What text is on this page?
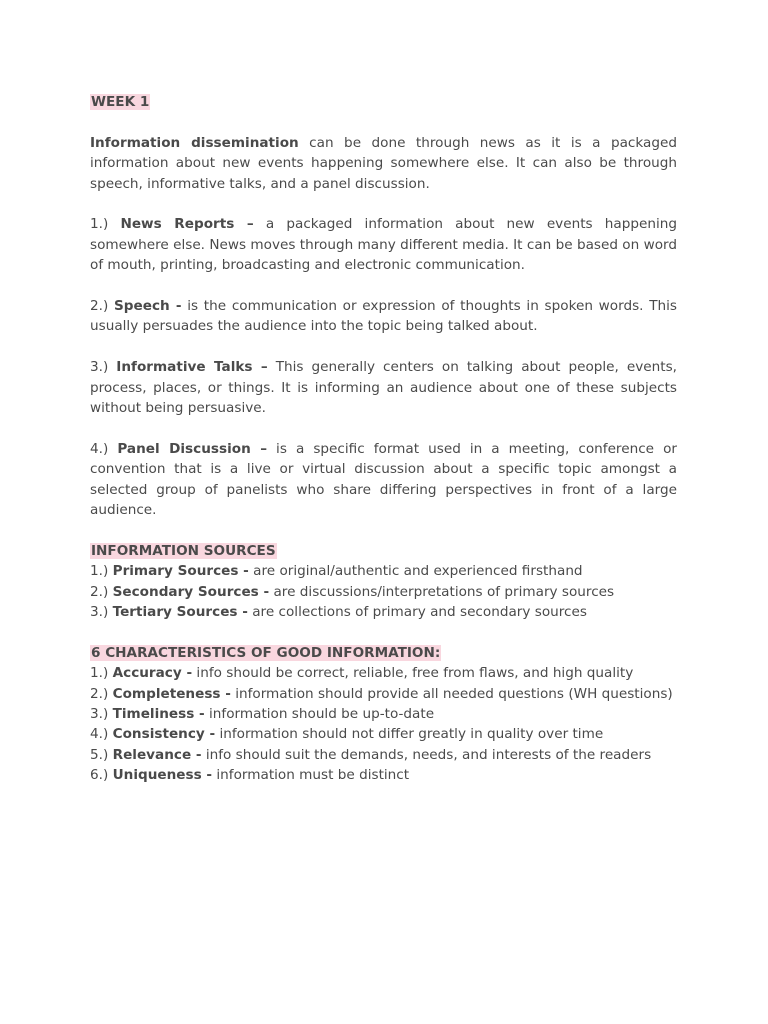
WEEK 1

Information dissemination can be done through news as it is a packaged information about new events happening somewhere else. It can also be through speech, informative talks, and a panel discussion.

1.) News Reports – a packaged information about new events happening somewhere else. News moves through many different media. It can be based on word of mouth, printing, broadcasting and electronic communication.

2.) Speech - is the communication or expression of thoughts in spoken words. This usually persuades the audience into the topic being talked about.

3.) Informative Talks – This generally centers on talking about people, events, process, places, or things. It is informing an audience about one of these subjects without being persuasive.

4.) Panel Discussion – is a specific format used in a meeting, conference or convention that is a live or virtual discussion about a specific topic amongst a selected group of panelists who share differing perspectives in front of a large audience.

INFORMATION SOURCES

1.) Primary Sources - are original/authentic and experienced firsthand

2.) Secondary Sources - are discussions/interpretations of primary sources

3.) Tertiary Sources - are collections of primary and secondary sources

6 CHARACTERISTICS OF GOOD INFORMATION:

1.) Accuracy - info should be correct, reliable, free from flaws, and high quality

2.) Completeness - information should provide all needed questions (WH questions)

3.) Timeliness - information should be up-to-date

4.) Consistency - information should not differ greatly in quality over time

5.) Relevance - info should suit the demands, needs, and interests of the readers

6.) Uniqueness - information must be distinct
